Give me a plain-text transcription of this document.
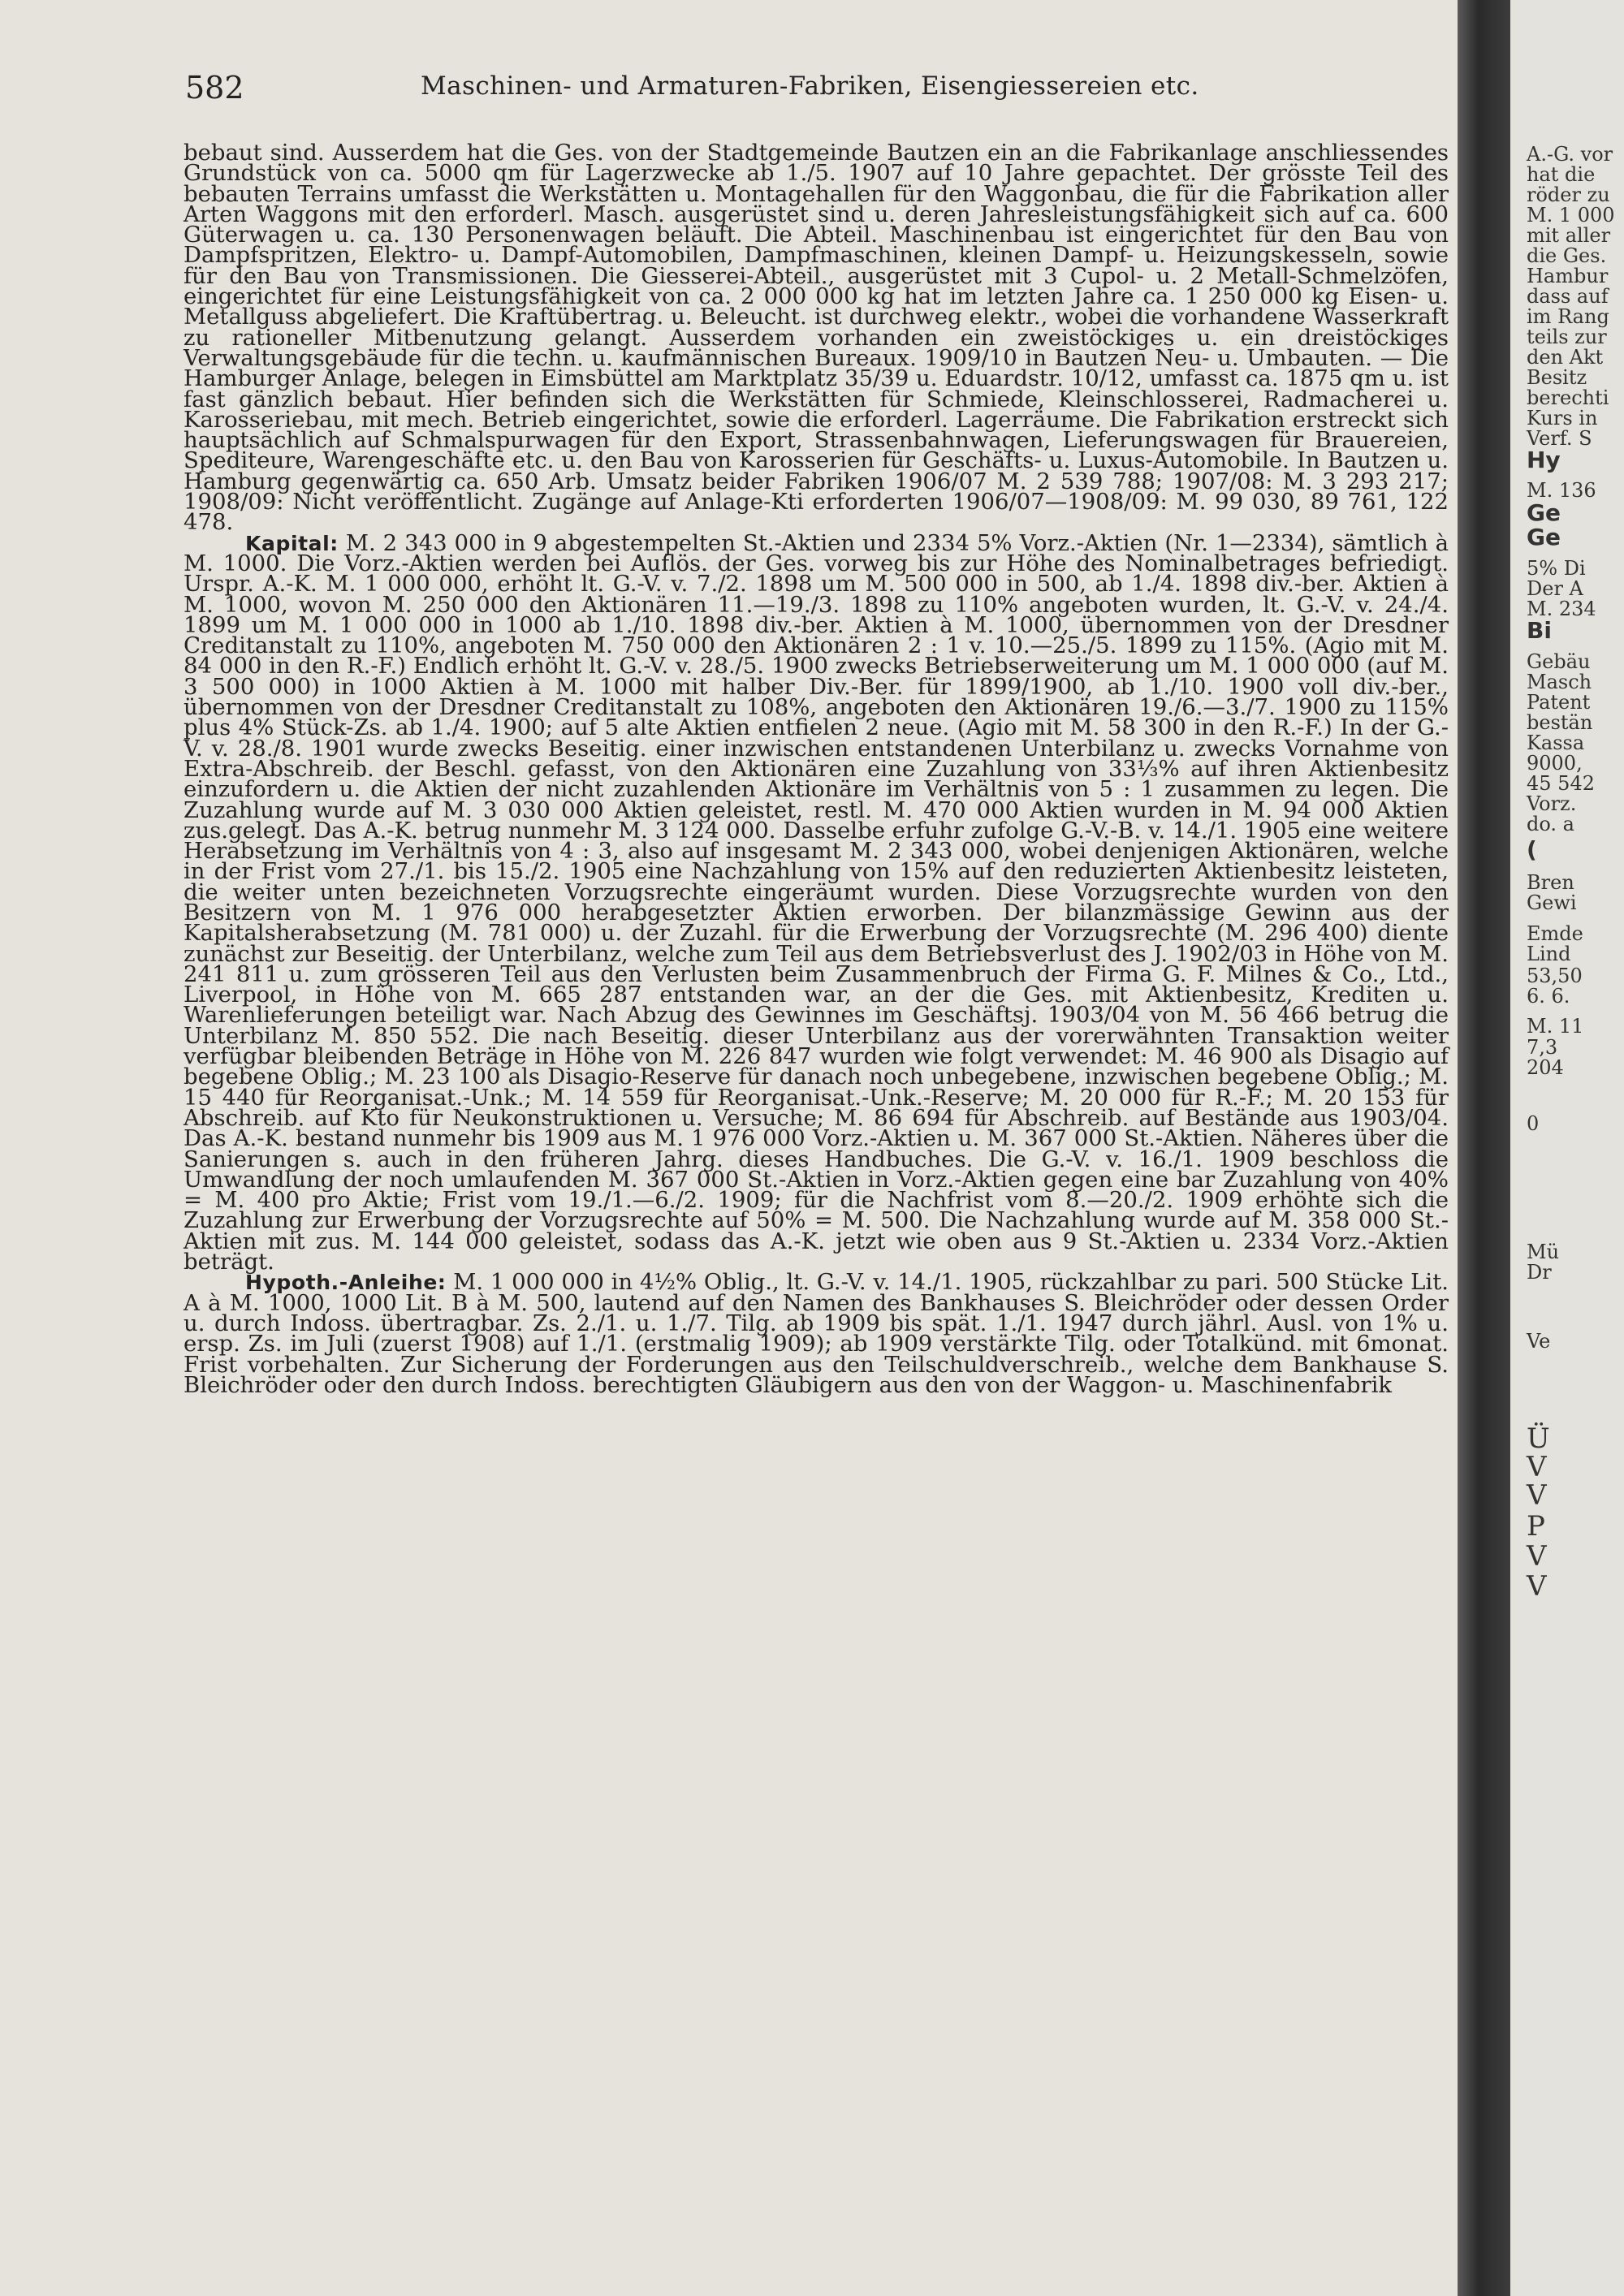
582	Maschinen- und Armaturen-Fabriken, Eisengiessereien etc.

bebaut sind. Ausserdem hat die Ges. von der Stadtgemeinde Bautzen ein an die Fabrikanlage anschliessendes Grundstück von ca. 5000 qm für Lagerzwecke ab 1./5. 1907 auf 10 Jahre gepachtet. Der grösste Teil des bebauten Terrains umfasst die Werkstätten u. Montagehallen für den Waggonbau, die für die Fabrikation aller Arten Waggons mit den erforderl. Masch. ausgerüstet sind u. deren Jahresleistungsfähigkeit sich auf ca. 600 Güterwagen u. ca. 130 Personenwagen beläuft. Die Abteil. Maschinenbau ist eingerichtet für den Bau von Dampfspritzen, Elektro- u. Dampf-Automobilen, Dampfmaschinen, kleinen Dampf- u. Heizungskesseln, sowie für den Bau von Transmissionen. Die Giesserei-Abteil., ausgerüstet mit 3 Cupol- u. 2 Metall-Schmelzöfen, eingerichtet für eine Leistungsfähigkeit von ca. 2 000 000 kg hat im letzten Jahre ca. 1 250 000 kg Eisen- u. Metallguss abgeliefert. Die Kraftübertrag. u. Beleucht. ist durchweg elektr., wobei die vorhandene Wasserkraft zu rationeller Mitbenutzung gelangt. Ausserdem vorhanden ein zweistöckiges u. ein dreistöckiges Verwaltungsgebäude für die techn. u. kaufmännischen Bureaux. 1909/10 in Bautzen Neu- u. Umbauten. — Die Hamburger Anlage, belegen in Eimsbüttel am Marktplatz 35/39 u. Eduardstr. 10/12, umfasst ca. 1875 qm u. ist fast gänzlich bebaut. Hier befinden sich die Werkstätten für Schmiede, Kleinschlosserei, Radmacherei u. Karosseriebau, mit mech. Betrieb eingerichtet, sowie die erforderl. Lagerräume. Die Fabrikation erstreckt sich hauptsächlich auf Schmalspurwagen für den Export, Strassenbahnwagen, Lieferungswagen für Brauereien, Spediteure, Warengeschäfte etc. u. den Bau von Karosserien für Geschäfts- u. Luxus-Automobile. In Bautzen u. Hamburg gegenwärtig ca. 650 Arb. Umsatz beider Fabriken 1906/07 M. 2 539 788; 1907/08: M. 3 293 217; 1908/09: Nicht veröffentlicht. Zugänge auf Anlage-Kti erforderten 1906/07—1908/09: M. 99 030, 89 761, 122 478.

Kapital: M. 2 343 000 in 9 abgestempelten St.-Aktien und 2334 5% Vorz.-Aktien (Nr. 1—2334), sämtlich à M. 1000. Die Vorz.-Aktien werden bei Auflös. der Ges. vorweg bis zur Höhe des Nominalbetrages befriedigt. Urspr. A.-K. M. 1 000 000, erhöht lt. G.-V. v. 7./2. 1898 um M. 500 000 in 500, ab 1./4. 1898 div.-ber. Aktien à M. 1000, wovon M. 250 000 den Aktionären 11.—19./3. 1898 zu 110% angeboten wurden, lt. G.-V. v. 24./4. 1899 um M. 1 000 000 in 1000 ab 1./10. 1898 div.-ber. Aktien à M. 1000, übernommen von der Dresdner Creditanstalt zu 110%, angeboten M. 750 000 den Aktionären 2 : 1 v. 10.—25./5. 1899 zu 115%. (Agio mit M. 84 000 in den R.-F.) Endlich erhöht lt. G.-V. v. 28./5. 1900 zwecks Betriebserweiterung um M. 1 000 000 (auf M. 3 500 000) in 1000 Aktien à M. 1000 mit halber Div.-Ber. für 1899/1900, ab 1./10. 1900 voll div.-ber., übernommen von der Dresdner Creditanstalt zu 108%, angeboten den Aktionären 19./6.—3./7. 1900 zu 115% plus 4% Stück-Zs. ab 1./4. 1900; auf 5 alte Aktien entfielen 2 neue. (Agio mit M. 58 300 in den R.-F.) In der G.-V. v. 28./8. 1901 wurde zwecks Beseitig. einer inzwischen entstandenen Unterbilanz u. zwecks Vornahme von Extra-Abschreib. der Beschl. gefasst, von den Aktionären eine Zuzahlung von 33⅓% auf ihren Aktienbesitz einzufordern u. die Aktien der nicht zuzahlenden Aktionäre im Verhältnis von 5 : 1 zusammen zu legen. Die Zuzahlung wurde auf M. 3 030 000 Aktien geleistet, restl. M. 470 000 Aktien wurden in M. 94 000 Aktien zus.gelegt. Das A.-K. betrug nunmehr M. 3 124 000. Dasselbe erfuhr zufolge G.-V.-B. v. 14./1. 1905 eine weitere Herabsetzung im Verhältnis von 4 : 3, also auf insgesamt M. 2 343 000, wobei denjenigen Aktionären, welche in der Frist vom 27./1. bis 15./2. 1905 eine Nachzahlung von 15% auf den reduzierten Aktienbesitz leisteten, die weiter unten bezeichneten Vorzugsrechte eingeräumt wurden. Diese Vorzugsrechte wurden von den Besitzern von M. 1 976 000 herabgesetzter Aktien erworben. Der bilanzmässige Gewinn aus der Kapitalsherabsetzung (M. 781 000) u. der Zuzahl. für die Erwerbung der Vorzugsrechte (M. 296 400) diente zunächst zur Beseitig. der Unterbilanz, welche zum Teil aus dem Betriebsverlust des J. 1902/03 in Höhe von M. 241 811 u. zum grösseren Teil aus den Verlusten beim Zusammenbruch der Firma G. F. Milnes & Co., Ltd., Liverpool, in Höhe von M. 665 287 entstanden war, an der die Ges. mit Aktienbesitz, Krediten u. Warenlieferungen beteiligt war. Nach Abzug des Gewinnes im Geschäftsj. 1903/04 von M. 56 466 betrug die Unterbilanz M. 850 552. Die nach Beseitig. dieser Unterbilanz aus der vorerwähnten Transaktion weiter verfügbar bleibenden Beträge in Höhe von M. 226 847 wurden wie folgt verwendet: M. 46 900 als Disagio auf begebene Oblig.; M. 23 100 als Disagio-Reserve für danach noch unbegebene, inzwischen begebene Oblig.; M. 15 440 für Reorganisat.-Unk.; M. 14 559 für Reorganisat.-Unk.-Reserve; M. 20 000 für R.-F.; M. 20 153 für Abschreib. auf Kto für Neukonstruktionen u. Versuche; M. 86 694 für Abschreib. auf Bestände aus 1903/04. Das A.-K. bestand nunmehr bis 1909 aus M. 1 976 000 Vorz.-Aktien u. M. 367 000 St.-Aktien. Näheres über die Sanierungen s. auch in den früheren Jahrg. dieses Handbuches. Die G.-V. v. 16./1. 1909 beschloss die Umwandlung der noch umlaufenden M. 367 000 St.-Aktien in Vorz.-Aktien gegen eine bar Zuzahlung von 40% = M. 400 pro Aktie; Frist vom 19./1.—6./2. 1909; für die Nachfrist vom 8.—20./2. 1909 erhöhte sich die Zuzahlung zur Erwerbung der Vorzugsrechte auf 50% = M. 500. Die Nachzahlung wurde auf M. 358 000 St.-Aktien mit zus. M. 144 000 geleistet, sodass das A.-K. jetzt wie oben aus 9 St.-Aktien u. 2334 Vorz.-Aktien beträgt.

Hypoth.-Anleihe: M. 1 000 000 in 4½% Oblig., lt. G.-V. v. 14./1. 1905, rückzahlbar zu pari. 500 Stücke Lit. A à M. 1000, 1000 Lit. B à M. 500, lautend auf den Namen des Bankhauses S. Bleichröder oder dessen Order u. durch Indoss. übertragbar. Zs. 2./1. u. 1./7. Tilg. ab 1909 bis spät. 1./1. 1947 durch jährl. Ausl. von 1% u. ersp. Zs. im Juli (zuerst 1908) auf 1./1. (erstmalig 1909); ab 1909 verstärkte Tilg. oder Totalkünd. mit 6monat. Frist vorbehalten. Zur Sicherung der Forderungen aus den Teilschuldverschreib., welche dem Bankhause S. Bleichröder oder den durch Indoss. berechtigten Gläubigern aus den von der Waggon- u. Maschinenfabrik

A.-G. vor
hat die
röder zu
M. 1 000
mit aller
die Ges.
Hambur
dass auf
im Rang
teils zur
den Akt
Besitz
berechti
Kurs in
Verf. S
Hy
M. 136
Ge
Ge
5% Di
Der A
M. 234
Bi
Gebäu
Masch
Patent
bestän
Kassa
9000,
45 542
Vorz.
do. a
(
Bren
Gewi
Emde
Lind
53,50
6. 6.
M. 11
7,3
204
0
Mü
Dr
Ve
Ü
V
V
P
V
V
